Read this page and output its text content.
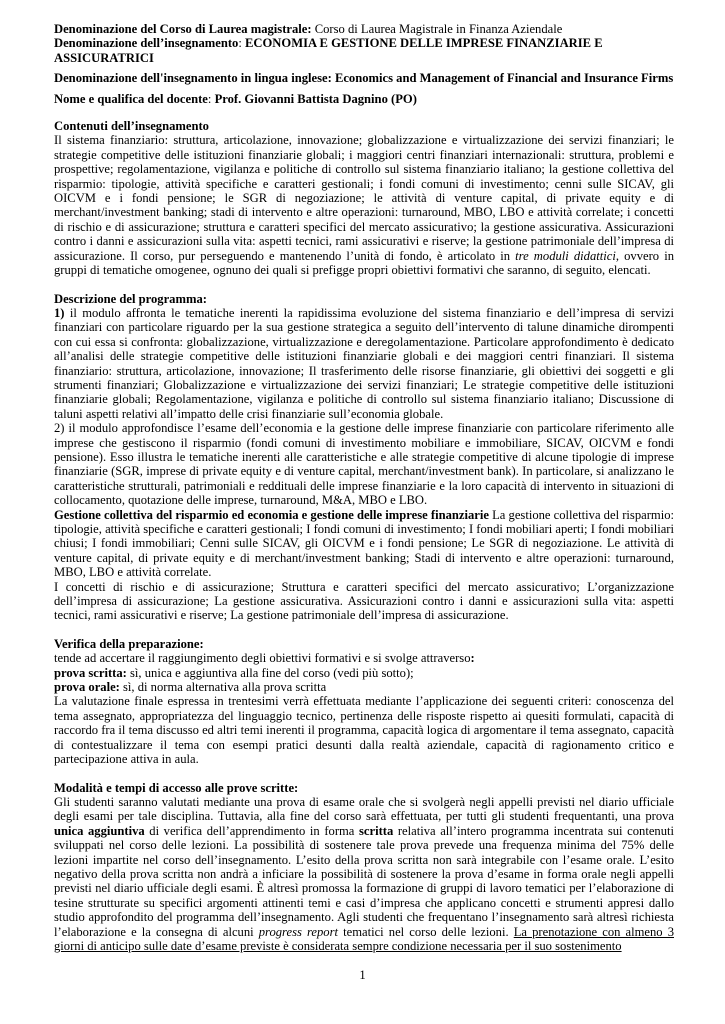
Denominazione del Corso di Laurea magistrale: Corso di Laurea Magistrale in Finanza Aziendale

Denominazione dell’insegnamento: ECONOMIA E GESTIONE DELLE IMPRESE FINANZIARIE E ASSICURATRICI

Denominazione dell'insegnamento in lingua inglese: Economics and Management of Financial and Insurance Firms

Nome e qualifica del docente: Prof. Giovanni Battista Dagnino (PO)

Contenuti dell’insegnamento

Il sistema finanziario: struttura, articolazione, innovazione; globalizzazione e virtualizzazione dei servizi finanziari; le strategie competitive delle istituzioni finanziarie globali; i maggiori centri finanziari internazionali: struttura, problemi e prospettive; regolamentazione, vigilanza e politiche di controllo sul sistema finanziario italiano; la gestione collettiva del risparmio: tipologie, attività specifiche e caratteri gestionali; i fondi comuni di investimento; cenni sulle SICAV, gli OICVM e i fondi pensione; le SGR di negoziazione; le attività di venture capital, di private equity e di merchant/investment banking; stadi di intervento e altre operazioni: turnaround, MBO, LBO e attività correlate; i concetti di rischio e di assicurazione; struttura e caratteri specifici del mercato assicurativo; la gestione assicurativa. Assicurazioni contro i danni e assicurazioni sulla vita: aspetti tecnici, rami assicurativi e riserve; la gestione patrimoniale dell’impresa di assicurazione. Il corso, pur perseguendo e mantenendo l’unità di fondo, è articolato in tre moduli didattici, ovvero in gruppi di tematiche omogenee, ognuno dei quali si prefigge propri obiettivi formativi che saranno, di seguito, elencati.

Descrizione del programma:

1) il modulo affronta le tematiche inerenti la rapidissima evoluzione del sistema finanziario e dell’impresa di servizi finanziari con particolare riguardo per la sua gestione strategica a seguito dell’intervento di talune dinamiche dirompenti con cui essa si confronta: globalizzazione, virtualizzazione e deregolamentazione. Particolare approfondimento è dedicato all’analisi delle strategie competitive delle istituzioni finanziarie globali e dei maggiori centri finanziari. Il sistema finanziario: struttura, articolazione, innovazione; Il trasferimento delle risorse finanziarie, gli obiettivi dei soggetti e gli strumenti finanziari; Globalizzazione e virtualizzazione dei servizi finanziari; Le strategie competitive delle istituzioni finanziarie globali; Regolamentazione, vigilanza e politiche di controllo sul sistema finanziario italiano; Discussione di taluni aspetti relativi all’impatto delle crisi finanziarie sull’economia globale.

2) il modulo approfondisce l’esame dell’economia e la gestione delle imprese finanziarie con particolare riferimento alle imprese che gestiscono il risparmio (fondi comuni di investimento mobiliare e immobiliare, SICAV, OICVM e fondi pensione). Esso illustra le tematiche inerenti alle caratteristiche e alle strategie competitive di alcune tipologie di imprese finanziarie (SGR, imprese di private equity e di venture capital, merchant/investment bank). In particolare, si analizzano le caratteristiche strutturali, patrimoniali e reddituali delle imprese finanziarie e la loro capacità di intervento in situazioni di collocamento, quotazione delle imprese, turnaround, M&A, MBO e LBO.

Gestione collettiva del risparmio ed economia e gestione delle imprese finanziarie La gestione collettiva del risparmio: tipologie, attività specifiche e caratteri gestionali; I fondi comuni di investimento; I fondi mobiliari aperti; I fondi mobiliari chiusi; I fondi immobiliari; Cenni sulle SICAV, gli OICVM e i fondi pensione; Le SGR di negoziazione. Le attività di venture capital, di private equity e di merchant/investment banking; Stadi di intervento e altre operazioni: turnaround, MBO, LBO e attività correlate.

I concetti di rischio e di assicurazione; Struttura e caratteri specifici del mercato assicurativo; L’organizzazione dell’impresa di assicurazione; La gestione assicurativa. Assicurazioni contro i danni e assicurazioni sulla vita: aspetti tecnici, rami assicurativi e riserve; La gestione patrimoniale dell’impresa di assicurazione.

Verifica della preparazione:

tende ad accertare il raggiungimento degli obiettivi formativi e si svolge attraverso:

prova scritta: sì, unica e aggiuntiva alla fine del corso (vedi più sotto);

prova orale: sì, di norma alternativa alla prova scritta

La valutazione finale espressa in trentesimi verrà effettuata mediante l’applicazione dei seguenti criteri: conoscenza del tema assegnato, appropriatezza del linguaggio tecnico, pertinenza delle risposte rispetto ai quesiti formulati, capacità di raccordo fra il tema discusso ed altri temi inerenti il programma, capacità logica di argomentare il tema assegnato, capacità di contestualizzare il tema con esempi pratici desunti dalla realtà aziendale, capacità di ragionamento critico e partecipazione attiva in aula.

Modalità e tempi di accesso alle prove scritte:

Gli studenti saranno valutati mediante una prova di esame orale che si svolgerà negli appelli previsti nel diario ufficiale degli esami per tale disciplina. Tuttavia, alla fine del corso sarà effettuata, per tutti gli studenti frequentanti, una prova unica aggiuntiva di verifica dell’apprendimento in forma scritta relativa all’intero programma incentrata sui contenuti sviluppati nel corso delle lezioni. La possibilità di sostenere tale prova prevede una frequenza minima del 75% delle lezioni impartite nel corso dell’insegnamento. L’esito della prova scritta non sarà integrabile con l’esame orale. L’esito negativo della prova scritta non andrà a inficiare la possibilità di sostenere la prova d’esame in forma orale negli appelli previsti nel diario ufficiale degli esami. È altresì promossa la formazione di gruppi di lavoro tematici per l’elaborazione di tesine strutturate su specifici argomenti attinenti temi e casi d’impresa che applicano concetti e strumenti appresi dallo studio approfondito del programma dell’insegnamento. Agli studenti che frequentano l’insegnamento sarà altresì richiesta l’elaborazione e la consegna di alcuni progress report tematici nel corso delle lezioni. La prenotazione con almeno 3 giorni di anticipo sulle date d’esame previste è considerata sempre condizione necessaria per il suo sostenimento

1
